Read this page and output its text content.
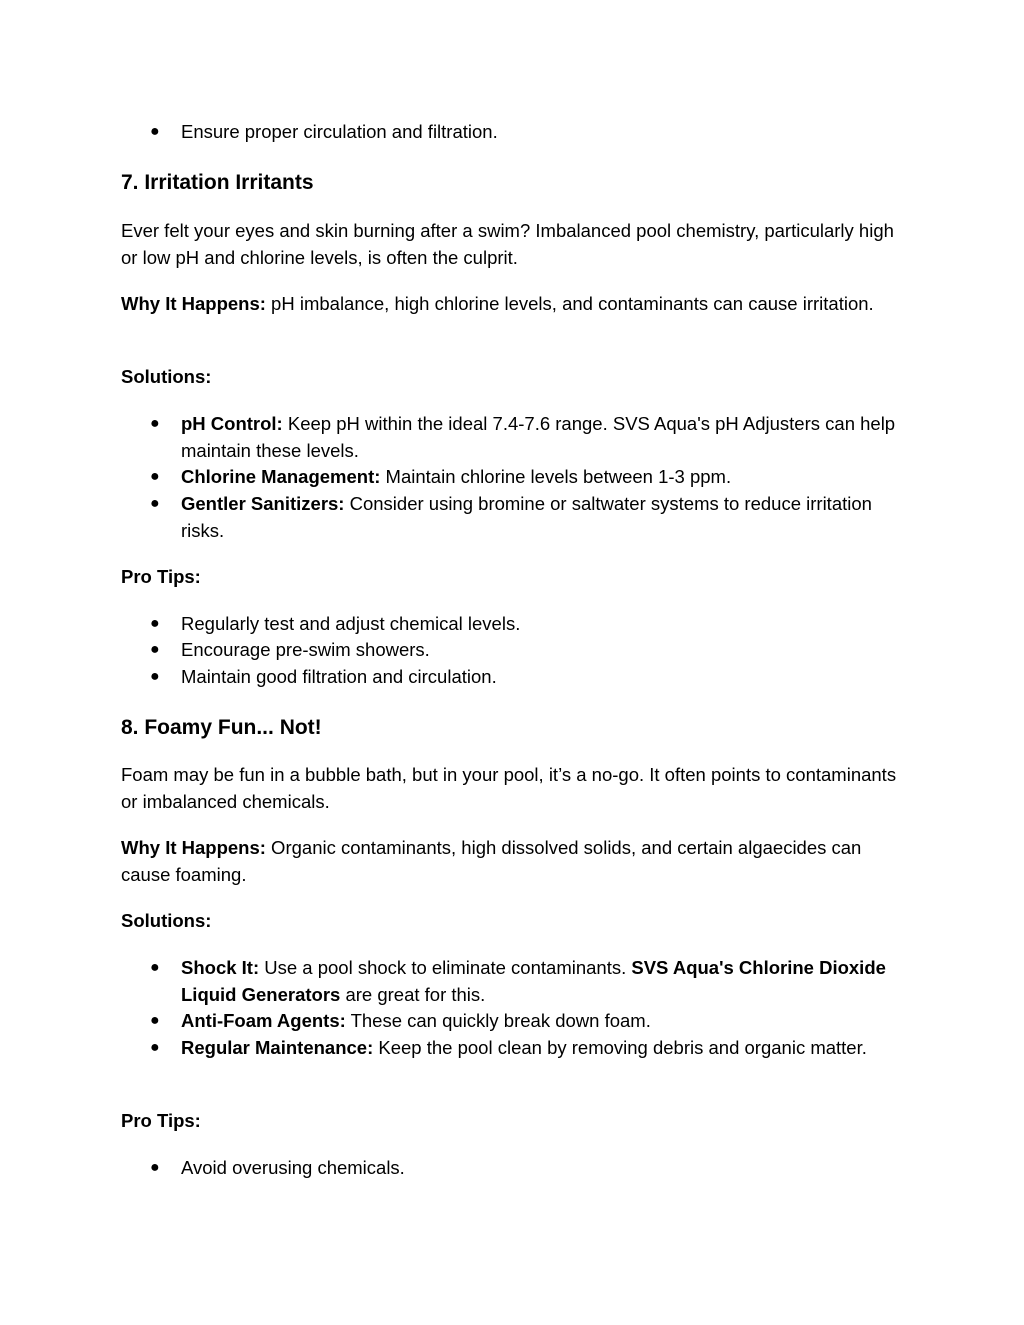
● Ensure proper circulation and filtration.
7. Irritation Irritants

Ever felt your eyes and skin burning after a swim? Imbalanced pool chemistry, particularly high or low pH and chlorine levels, is often the culprit.

Why It Happens: pH imbalance, high chlorine levels, and contaminants can cause irritation.

Solutions:
● pH Control: Keep pH within the ideal 7.4-7.6 range. SVS Aqua's pH Adjusters can help maintain these levels.
● Chlorine Management: Maintain chlorine levels between 1-3 ppm.
● Gentler Sanitizers: Consider using bromine or saltwater systems to reduce irritation risks.
Pro Tips:
● Regularly test and adjust chemical levels.
● Encourage pre-swim showers.
● Maintain good filtration and circulation.
8. Foamy Fun... Not!

Foam may be fun in a bubble bath, but in your pool, it’s a no-go. It often points to contaminants or imbalanced chemicals.

Why It Happens: Organic contaminants, high dissolved solids, and certain algaecides can cause foaming.

Solutions:
● Shock It: Use a pool shock to eliminate contaminants. SVS Aqua's Chlorine Dioxide Liquid Generators are great for this.
● Anti-Foam Agents: These can quickly break down foam.
● Regular Maintenance: Keep the pool clean by removing debris and organic matter.
Pro Tips:
● Avoid overusing chemicals.
